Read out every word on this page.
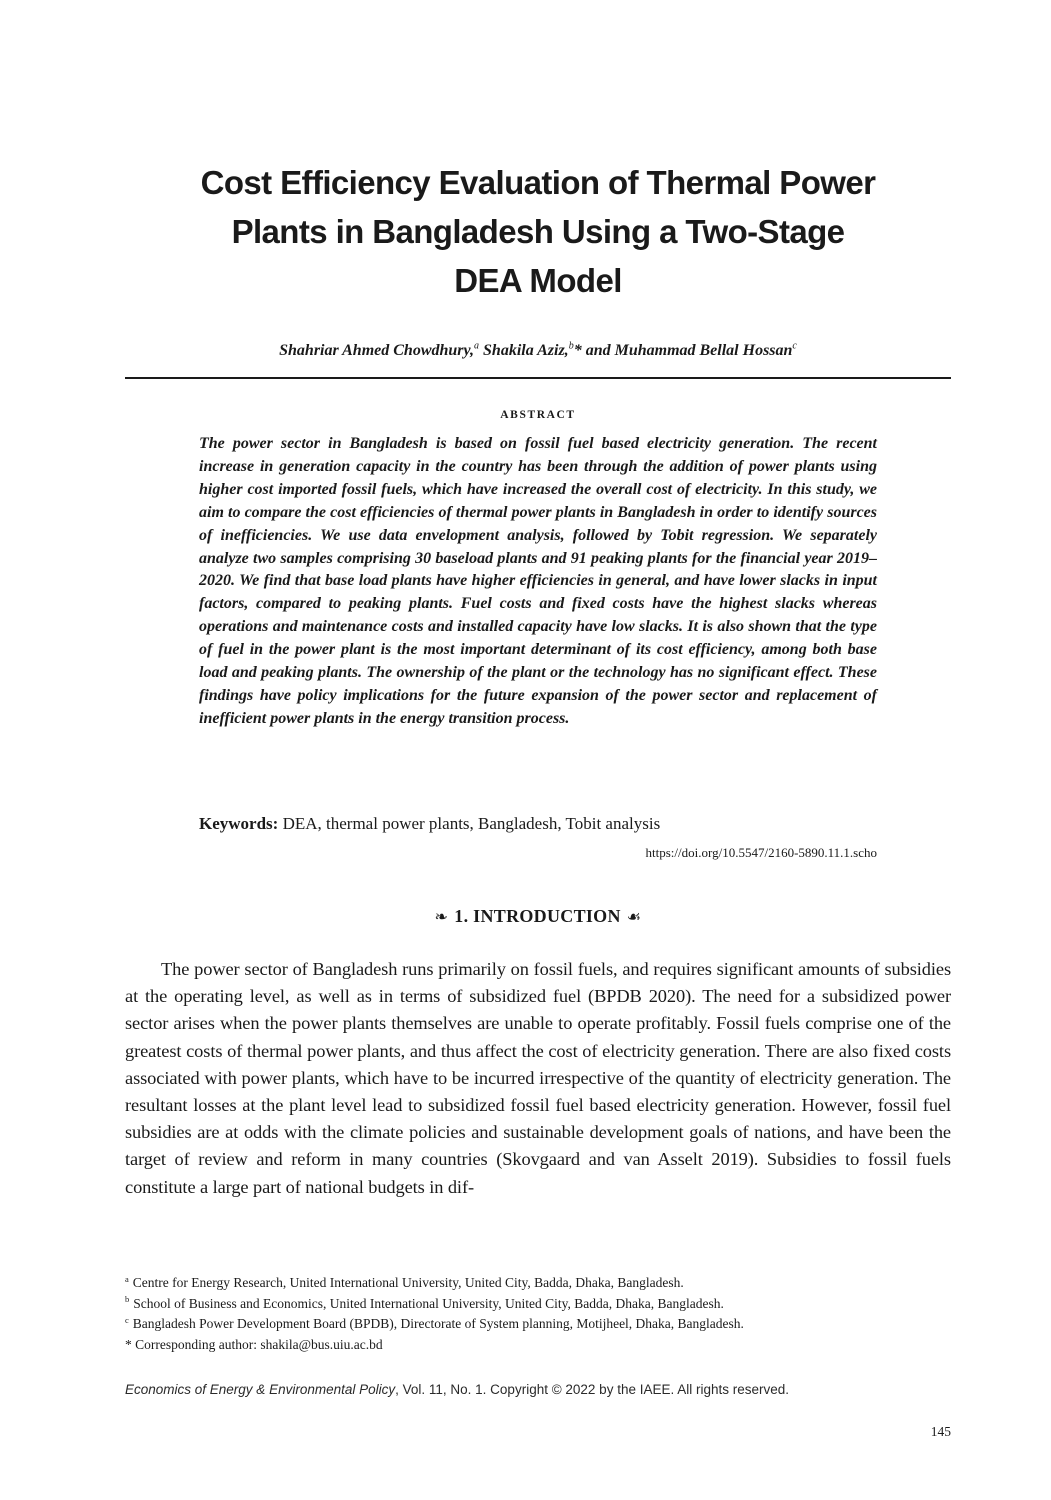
Cost Efficiency Evaluation of Thermal Power
Plants in Bangladesh Using a Two-Stage
DEA Model
Shahriar Ahmed Chowdhury,$^a$ Shakila Aziz,$^b$* and Muhammad Bellal Hossan$^c$
ABSTRACT

The power sector in Bangladesh is based on fossil fuel based electricity generation. The recent increase in generation capacity in the country has been through the addition of power plants using higher cost imported fossil fuels, which have increased the overall cost of electricity. In this study, we aim to compare the cost efficiencies of thermal power plants in Bangladesh in order to identify sources of inefficiencies. We use data envelopment analysis, followed by Tobit regression. We separately analyze two samples comprising 30 baseload plants and 91 peaking plants for the financial year 2019–2020. We find that base load plants have higher efficiencies in general, and have lower slacks in input factors, compared to peaking plants. Fuel costs and fixed costs have the highest slacks whereas operations and maintenance costs and installed capacity have low slacks. It is also shown that the type of fuel in the power plant is the most important determinant of its cost efficiency, among both base load and peaking plants. The ownership of the plant or the technology has no significant effect. These findings have policy implications for the future expansion of the power sector and replacement of inefficient power plants in the energy transition process.

Keywords: DEA, thermal power plants, Bangladesh, Tobit analysis
https://doi.org/10.5547/2160-5890.11.1.scho
❧ 1. INTRODUCTION ☙

The power sector of Bangladesh runs primarily on fossil fuels, and requires significant amounts of subsidies at the operating level, as well as in terms of subsidized fuel (BPDB 2020). The need for a subsidized power sector arises when the power plants themselves are unable to operate profitably. Fossil fuels comprise one of the greatest costs of thermal power plants, and thus affect the cost of electricity generation. There are also fixed costs associated with power plants, which have to be incurred irrespective of the quantity of electricity generation. The resultant losses at the plant level lead to subsidized fossil fuel based electricity generation. However, fossil fuel subsidies are at odds with the climate policies and sustainable development goals of nations, and have been the target of review and reform in many countries (Skovgaard and van Asselt 2019). Subsidies to fossil fuels constitute a large part of national budgets in dif-

$^a$ Centre for Energy Research, United International University, United City, Badda, Dhaka, Bangladesh.
$^b$ School of Business and Economics, United International University, United City, Badda, Dhaka, Bangladesh.
$^c$ Bangladesh Power Development Board (BPDB), Directorate of System planning, Motijheel, Dhaka, Bangladesh.
* Corresponding author: shakila@bus.uiu.ac.bd
Economics of Energy & Environmental Policy, Vol. 11, No. 1. Copyright © 2022 by the IAEE. All rights reserved.
145
